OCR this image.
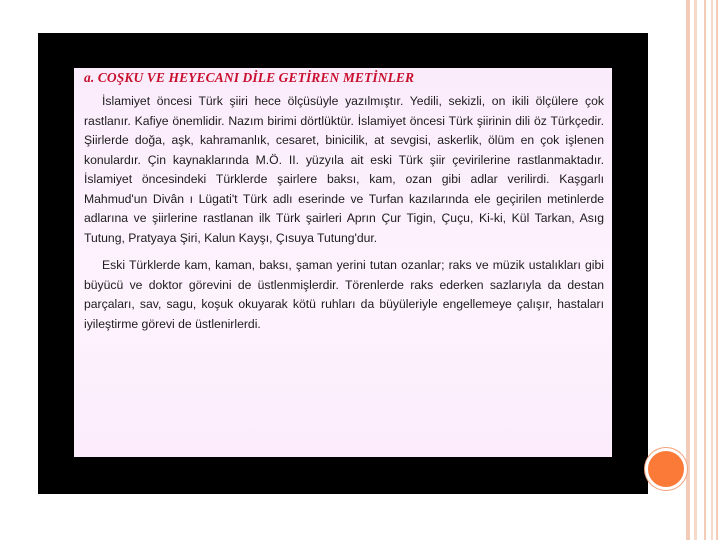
a. COŞKU VE HEYECANI DİLE GETİREN METİNLER

İslamiyet öncesi Türk şiiri hece ölçüsüyle yazılmıştır. Yedili, sekizli, on ikili ölçülere çok rastlanır. Kafiye önemlidir. Nazım birimi dörtlüktür. İslamiyet öncesi Türk şiirinin dili öz Türkçedir. Şiirlerde doğa, aşk, kahramanlık, cesaret, binicilik, at sevgisi, askerlik, ölüm en çok işlenen konulardır. Çin kaynaklarında M.Ö. II. yüzyıla ait eski Türk şiir çevirilerine rastlanmaktadır. İslamiyet öncesindeki Türklerde şairlere baksı, kam, ozan gibi adlar verilirdi. Kaşgarlı Mahmud'un Divân ı Lügati't Türk adlı eserinde ve Turfan kazılarında ele geçirilen metinlerde adlarına ve şiirlerine rastlanan ilk Türk şairleri Aprın Çur Tigin, Çuçu, Ki-ki, Kül Tarkan, Asıg Tutung, Pratyaya Şiri, Kalun Kayşı, Çısuya Tutung'dur.

Eski Türklerde kam, kaman, baksı, şaman yerini tutan ozanlar; raks ve müzik ustalıkları gibi büyücü ve doktor görevini de üstlenmişlerdir. Törenlerde raks ederken sazlarıyla da destan parçaları, sav, sagu, koşuk okuyarak kötü ruhları da büyüleriyle engellemeye çalışır, hastaları iyileştirme görevi de üstlenirlerdi.
